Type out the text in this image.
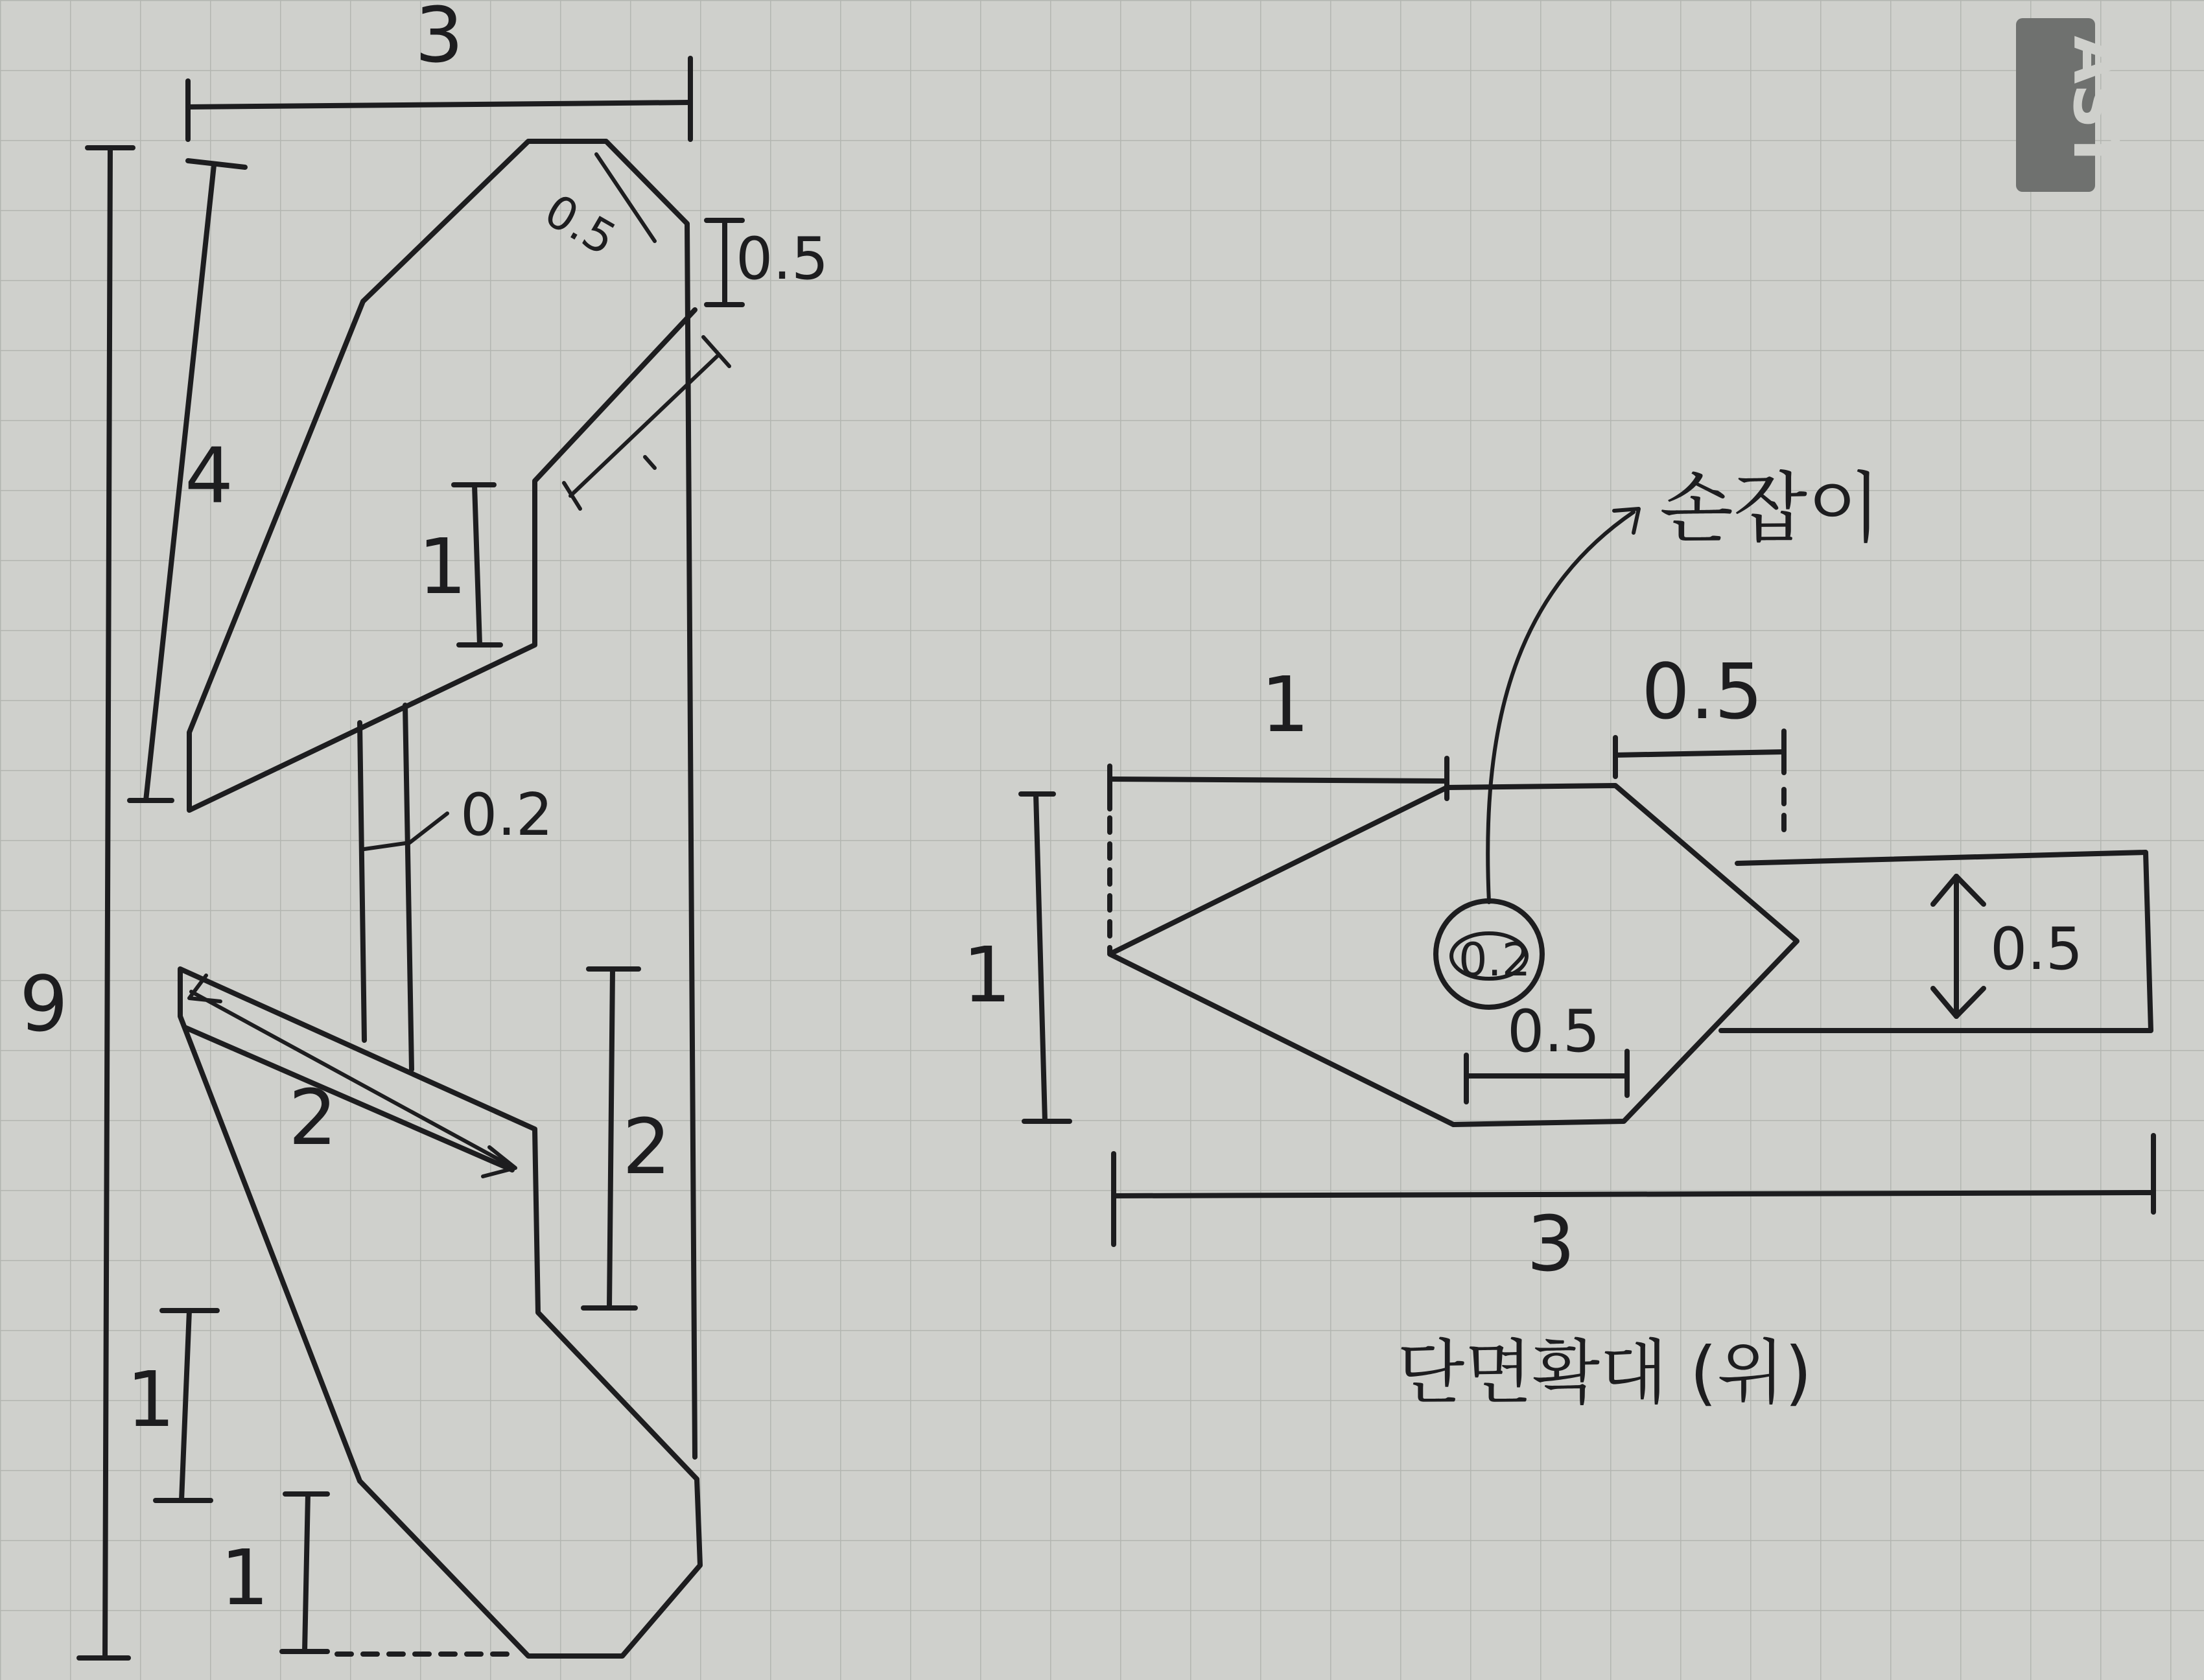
3
9
4
0.5 0.5
1
0.2
2	2
1
1
1	0.5
1	0.5
0.5
0.2
손잡이
3
단면확대 (위)
AST
